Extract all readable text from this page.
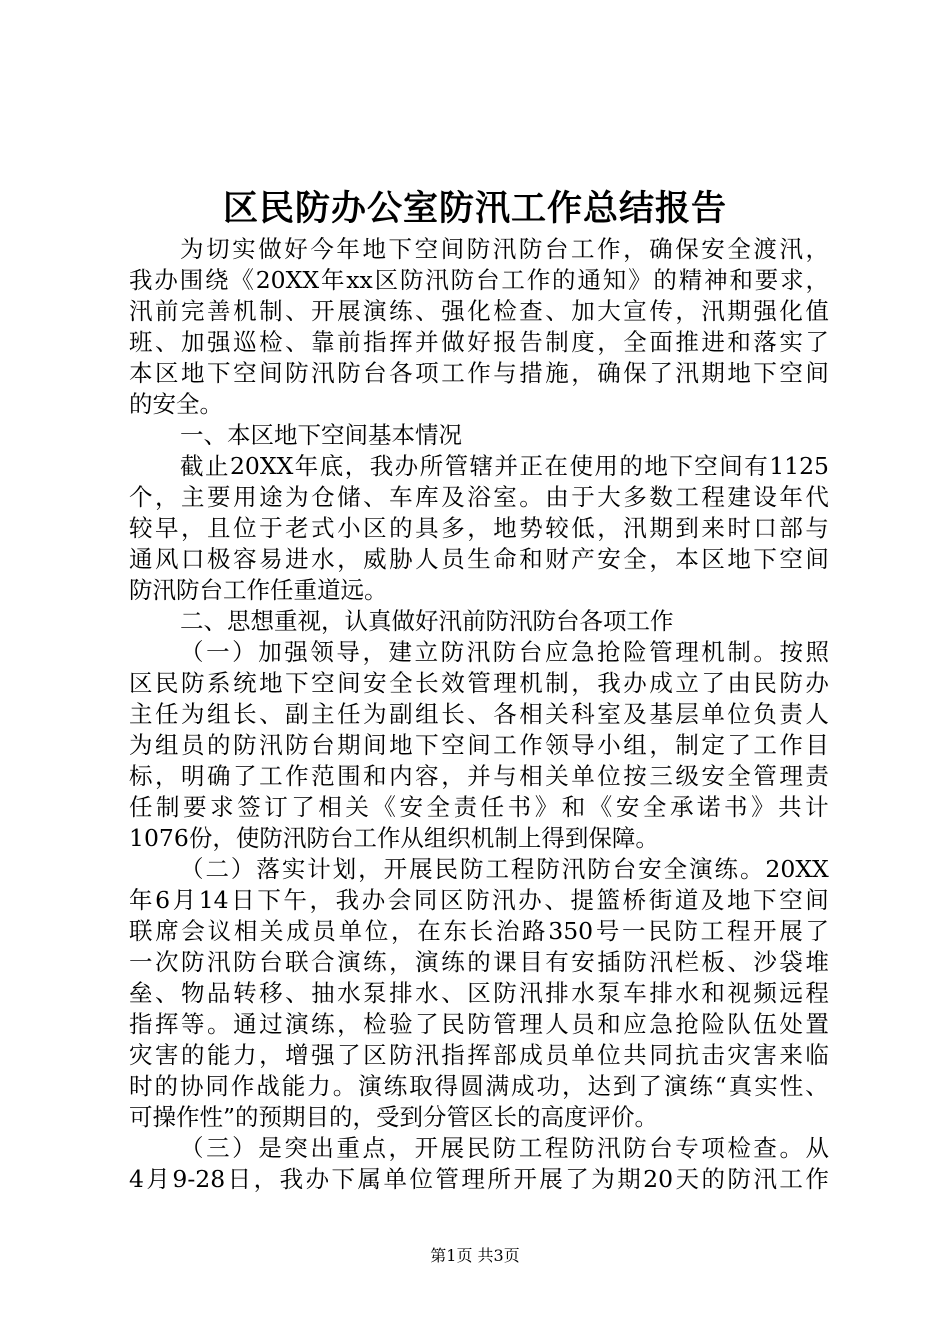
区民防办公室防汛工作总结报告
为 切 实 做 好 今 年 地 下 空 间 防 汛 防 台 工 作 ， 确 保 安 全 渡 汛 ，
我 办 围 绕 《 20XX 年 xx 区 防 汛 防 台 工 作 的 通 知 》 的 精 神 和 要 求 ，
汛 前 完 善 机 制 、 开 展 演 练 、 强 化 检 查 、 加 大 宣 传 ， 汛 期 强 化 值
班 、 加 强 巡 检 、 靠 前 指 挥 并 做 好 报 告 制 度 ， 全 面 推 进 和 落 实 了
本 区 地 下 空 间 防 汛 防 台 各 项 工 作 与 措 施 ， 确 保 了 汛 期 地 下 空 间
的 安 全 。
一 、 本 区 地 下 空 间 基 本 情 况
截 止 20XX 年 底 ， 我 办 所 管 辖 并 正 在 使 用 的 地 下 空 间 有 1125
个 ， 主 要 用 途 为 仓 储 、 车 库 及 浴 室 。 由 于 大 多 数 工 程 建 设 年 代
较 早 ， 且 位 于 老 式 小 区 的 具 多 ， 地 势 较 低 ， 汛 期 到 来 时 口 部 与
通 风 口 极 容 易 进 水 ， 威 胁 人 员 生 命 和 财 产 安 全 ， 本 区 地 下 空 间
防 汛 防 台 工 作 任 重 道 远 。
二 、 思 想 重 视 ， 认 真 做 好 汛 前 防 汛 防 台 各 项 工 作
（ 一 ） 加 强 领 导 ， 建 立 防 汛 防 台 应 急 抢 险 管 理 机 制 。 按 照
区 民 防 系 统 地 下 空 间 安 全 长 效 管 理 机 制 ， 我 办 成 立 了 由 民 防 办
主 任 为 组 长 、 副 主 任 为 副 组 长 、 各 相 关 科 室 及 基 层 单 位 负 责 人
为 组 员 的 防 汛 防 台 期 间 地 下 空 间 工 作 领 导 小 组 ， 制 定 了 工 作 目
标 ， 明 确 了 工 作 范 围 和 内 容 ， 并 与 相 关 单 位 按 三 级 安 全 管 理 责
任 制 要 求 签 订 了 相 关 《 安 全 责 任 书 》 和 《 安 全 承 诺 书 》 共 计
1076 份 ， 使 防 汛 防 台 工 作 从 组 织 机 制 上 得 到 保 障 。
（ 二 ） 落 实 计 划 ， 开 展 民 防 工 程 防 汛 防 台 安 全 演 练 。 20XX
年 6 月 14 日 下 午 ， 我 办 会 同 区 防 汛 办 、 提 篮 桥 街 道 及 地 下 空 间
联 席 会 议 相 关 成 员 单 位 ， 在 东 长 治 路 350 号 一 民 防 工 程 开 展 了
一 次 防 汛 防 台 联 合 演 练 ， 演 练 的 课 目 有 安 插 防 汛 栏 板 、 沙 袋 堆
垒 、 物 品 转 移 、 抽 水 泵 排 水 、 区 防 汛 排 水 泵 车 排 水 和 视 频 远 程
指 挥 等 。 通 过 演 练 ， 检 验 了 民 防 管 理 人 员 和 应 急 抢 险 队 伍 处 置
灾 害 的 能 力 ， 增 强 了 区 防 汛 指 挥 部 成 员 单 位 共 同 抗 击 灾 害 来 临
时 的 协 同 作 战 能 力 。 演 练 取 得 圆 满 成 功 ， 达 到 了 演 练 “ 真 实 性 、
可 操 作 性 ” 的 预 期 目 的 ， 受 到 分 管 区 长 的 高 度 评 价 。
（ 三 ） 是 突 出 重 点 ， 开 展 民 防 工 程 防 汛 防 台 专 项 检 查 。 从
4 月 9-28 日 ， 我 办 下 属 单 位 管 理 所 开 展 了 为 期 20 天 的 防 汛 工 作
第1页 共3页
